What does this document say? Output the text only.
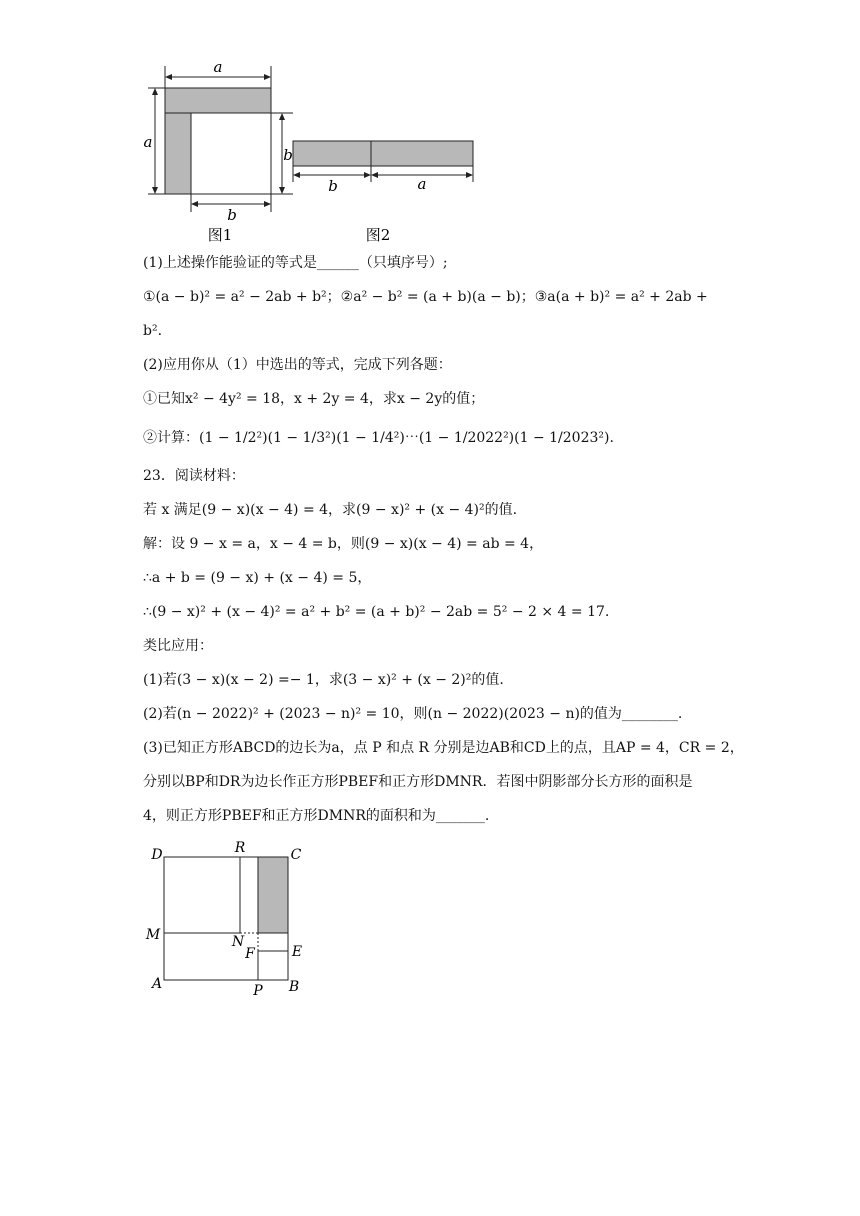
a
a
b
b
图1
b	a
图2
(1)上述操作能验证的等式是______（只填序号）;
①(a − b)² = a² − 2ab + b²；②a² − b² = (a + b)(a − b)；③a(a + b)² = a² + 2ab +
b².
(2)应用你从（1）中选出的等式，完成下列各题：
①已知x² − 4y² = 18，x + 2y = 4，求x − 2y的值；
②计算：(1 − 1/2²)(1 − 1/3²)(1 − 1/4²)⋯(1 − 1/2022²)(1 − 1/2023²).
23．阅读材料：
若 x 满足(9 − x)(x − 4) = 4，求(9 − x)² + (x − 4)²的值.
解：设 9 − x = a，x − 4 = b，则(9 − x)(x − 4) = ab = 4，
∴a + b = (9 − x) + (x − 4) = 5，
∴(9 − x)² + (x − 4)² = a² + b² = (a + b)² − 2ab = 5² − 2 × 4 = 17.
类比应用：
(1)若(3 − x)(x − 2) =− 1，求(3 − x)² + (x − 2)²的值.
(2)若(n − 2022)² + (2023 − n)² = 10，则(n − 2022)(2023 − n)的值为________.
(3)已知正方形ABCD的边长为a，点 P 和点 R 分别是边AB和CD上的点，且AP = 4，CR = 2，
分别以BP和DR为边长作正方形PBEF和正方形DMNR．若图中阴影部分长方形的面积是
4，则正方形PBEF和正方形DMNR的面积和为_______.
D	R	C
M	N
F	E
A	P B
